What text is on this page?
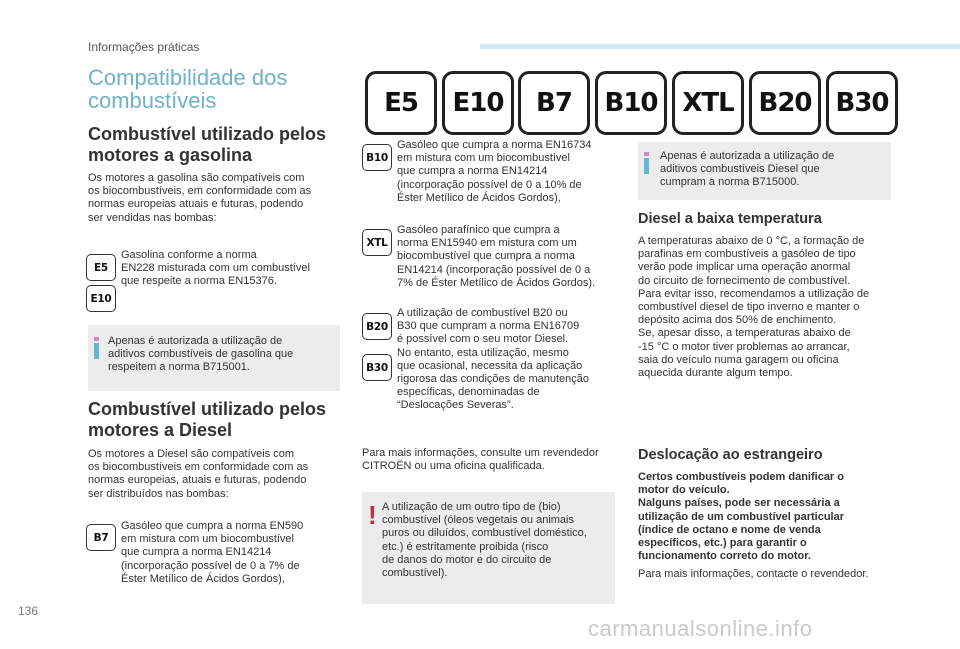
Informações práticas
Compatibilidade dos
combustíveis	E5	E10	B7	B10 XTL B20 B30
Combustível utilizado pelos
motores a gasolina
Os motores a gasolina são compatíveis com
os biocombustíveis, em conformidade com as
normas europeias atuais e futuras, podendo
ser vendidas nas bombas:
E5
E10
Gasolina conforme a norma
EN228 misturada com um combustível
que respeite a norma EN15376.
Apenas é autorizada a utilização de
aditivos combustíveis de gasolina que
respeitem a norma B715001.
Combustível utilizado pelos
motores a Diesel
Os motores a Diesel são compatíveis com
os biocombustíveis em conformidade com as
normas europeias, atuais e futuras, podendo
ser distribuídos nas bombas:
B7
Gasóleo que cumpra a norma EN590
em mistura com um biocombustível
que cumpra a norma EN14214
(incorporação possível de 0 a 7% de
Éster Metílico de Ácidos Gordos),
B10
Gasóleo que cumpra a norma EN16734
em mistura com um biocombustível
que cumpra a norma EN14214
(incorporação possível de 0 a 10% de
Éster Metílico de Ácidos Gordos),
XTL
Gasóleo parafínico que cumpra a
norma EN15940 em mistura com um
biocombustível que cumpra a norma
EN14214 (incorporação possível de 0 a
7% de Éster Metílico de Ácidos Gordos).
B20
B30
A utilização de combustível B20 ou
B30 que cumpram a norma EN16709
é possível com o seu motor Diesel.
No entanto, esta utilização, mesmo
que ocasional, necessita da aplicação
rigorosa das condições de manutenção
específicas, denominadas de
“Deslocações Severas”.
Para mais informações, consulte um revendedor
CITROËN ou uma oficina qualificada.
! A utilização de um outro tipo de (bio)
combustível (óleos vegetais ou animais
puros ou diluídos, combustível doméstico,
etc.) é estritamente proibida (risco
de danos do motor e do circuito de
combustível).
Apenas é autorizada a utilização de
aditivos combustíveis Diesel que
cumpram a norma B715000.
Diesel a baixa temperatura
A temperaturas abaixo de 0 °C, a formação de
parafinas em combustíveis a gasóleo de tipo
verão pode implicar uma operação anormal
do circuito de fornecimento de combustível.
Para evitar isso, recomendamos a utilização de
combustível diesel de tipo inverno e manter o
depósito acima dos 50% de enchimento.
Se, apesar disso, a temperaturas abaixo de
-15 °C o motor tiver problemas ao arrancar,
saia do veículo numa garagem ou oficina
aquecida durante algum tempo.
Deslocação ao estrangeiro
Certos combustíveis podem danificar o
motor do veículo.
Nalguns países, pode ser necessária a
utilização de um combustível particular
(índice de octano e nome de venda
específicos, etc.) para garantir o
funcionamento correto do motor.
Para mais informações, contacte o revendedor.
136
carmanualsonline.info
